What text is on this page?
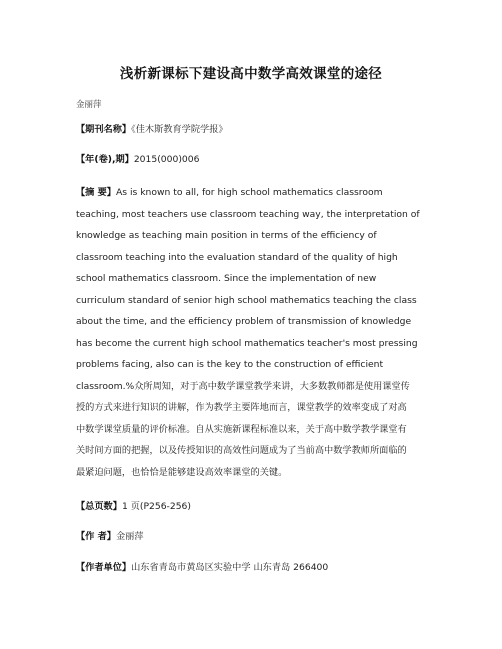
浅析新课标下建设高中数学高效课堂的途径
金丽萍
【期刊名称】《佳木斯教育学院学报》
【年(卷),期】2015(000)006
【摘 要】As is known to all, for high school mathematics classroom
teaching, most teachers use classroom teaching way, the interpretation of
knowledge as teaching main position in terms of the efficiency of
classroom teaching into the evaluation standard of the quality of high
school mathematics classroom. Since the implementation of new
curriculum standard of senior high school mathematics teaching the class
about the time, and the efficiency problem of transmission of knowledge
has become the current high school mathematics teacher's most pressing
problems facing, also can is the key to the construction of efficient
classroom.%众所周知，对于高中数学课堂教学来讲，大多数教师都是使用课堂传
授的方式来进行知识的讲解，作为教学主要阵地而言，课堂教学的效率变成了对高
中数学课堂质量的评价标准。自从实施新课程标准以来，关于高中数学教学课堂有
关时间方面的把握，以及传授知识的高效性问题成为了当前高中数学教师所面临的
最紧迫问题，也恰恰是能够建设高效率课堂的关键。
【总页数】1 页(P256-256)
【作 者】金丽萍
【作者单位】山东省青岛市黄岛区实验中学 山东青岛 266400
